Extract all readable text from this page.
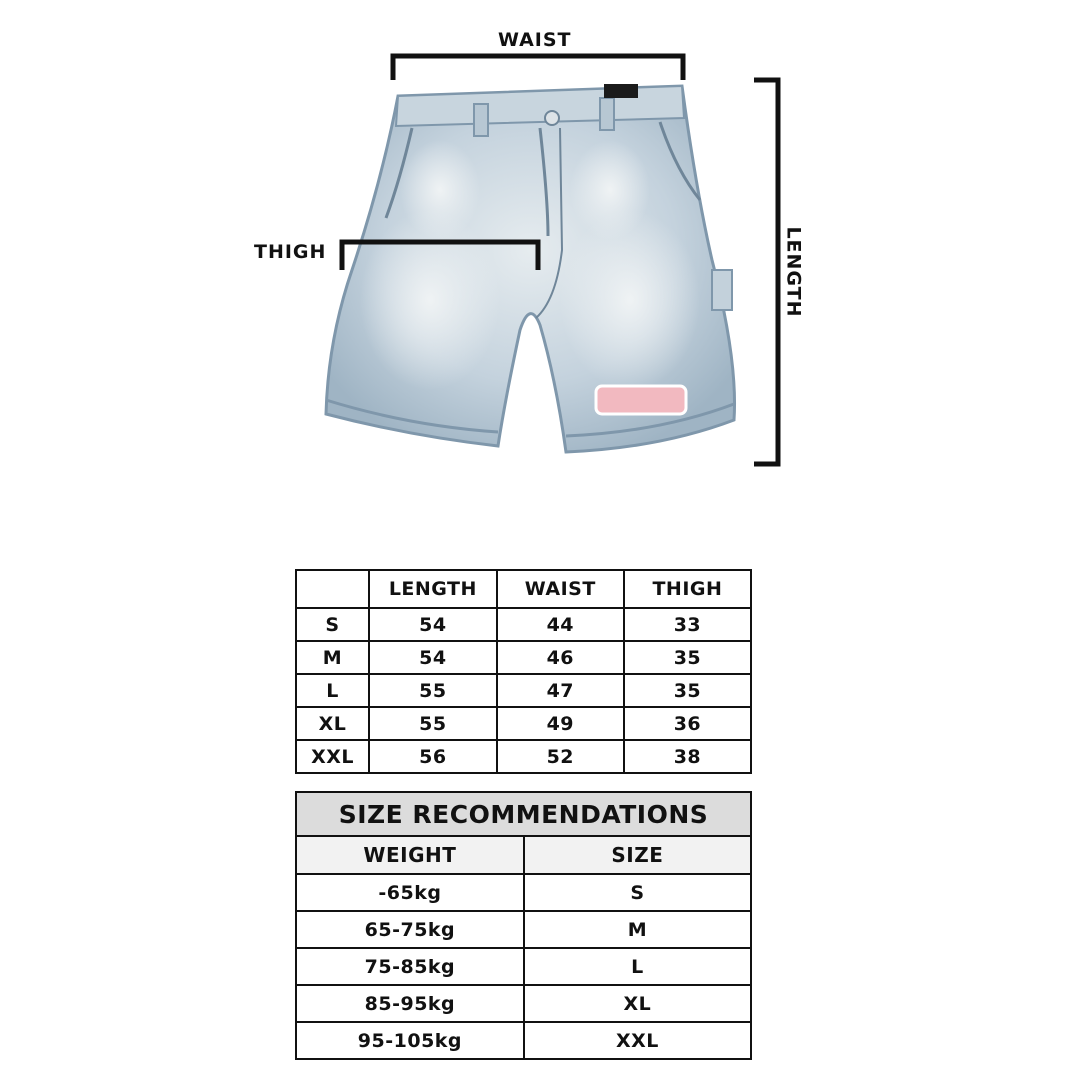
WAIST
THIGH	LENGTH
	LENGTH	WAIST	THIGH
S	54	44	33
M	54	46	35
L	55	47	35
XL	55	49	36
XXL	56	52	38
SIZE RECOMMENDATIONS	
WEIGHT	SIZE
-65kg	S
65-75kg	M
75-85kg	L
85-95kg	XL
95-105kg	XXL
